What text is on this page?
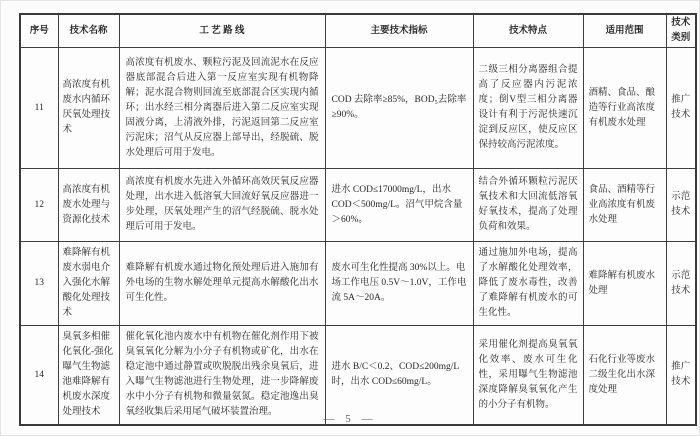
序号	技术名称	工 艺 路 线	主要技术指标	技术特点	适用范围	技术类别
11	高浓度有机废水内循环厌氧处理技术	高浓度有机废水、颗粒污泥及回流泥水在反应器底部混合后进入第一反应室实现有机物降解；泥水混合物则回流至底部混合区实现内循环；出水经三相分离器后进入第二反应室实现固液分离，上清液外排，污泥返回第二反应室污泥床；沼气从反应器上部导出，经脱硫、脱水处理后可用于发电。	COD 去除率≥85%，BOD₅去除率≥90%。	二级三相分离器组合提高了反应器内污泥浓度；倒V型三相分离器设计有利于污泥快速沉淀到反应区，使反应区保持较高污泥浓度。	酒精、食品、酿造等行业高浓度有机废水处理	推广技术
12	高浓度有机废水处理与资源化技术	高浓度有机废水先进入外循环高效厌氧反应器处理，出水进入低溶氧大回流好氧反应器进一步处理，厌氧处理产生的沼气经脱硫、脱水处理后可用于发电。	进水 COD≤17000mg/L，出水 COD＜500mg/L。沼气甲烷含量＞60%。	结合外循环颗粒污泥厌氧技术和大回流低溶氧好氧技术，提高了处理负荷和效果。	食品、酒精等行业高浓度有机废水处理	示范技术
13	难降解有机废水弱电介入强化水解酸化处理技术	难降解有机废水通过物化预处理后进入施加有外电场的生物水解处理单元提高水解酸化出水可生化性。	废水可生化性提高 30%以上。电场工作电压 0.5V～1.0V，工作电流 5A～20A。	通过施加外电场，提高了水解酸化处理效率，降低了废水毒性，改善了难降解有机废水的可生化性。	难降解有机废水处理	示范技术
14	臭氧多相催化氧化-强化曝气生物滤池难降解有机废水深度处理技术	催化氧化池内废水中有机物在催化剂作用下被臭氧氧化分解为小分子有机物或矿化，出水在稳定池中通过静置或吹脱脱出残余臭氧后，进入曝气生物滤池进行生物处理，进一步降解废水中小分子有机物和微量氨氮。稳定池逸出臭氧经收集后采用尾气破坏装置治理。	进水 B/C＜0.2、COD≤200mg/L 时，出水 COD≤60mg/L。	采用催化剂提高臭氧氧化效率、废水可生化性，采用曝气生物滤池深度降解臭氧氧化产生的小分子有机物。	石化行业等废水二级生化出水深度处理	推广技术
— 5 —
